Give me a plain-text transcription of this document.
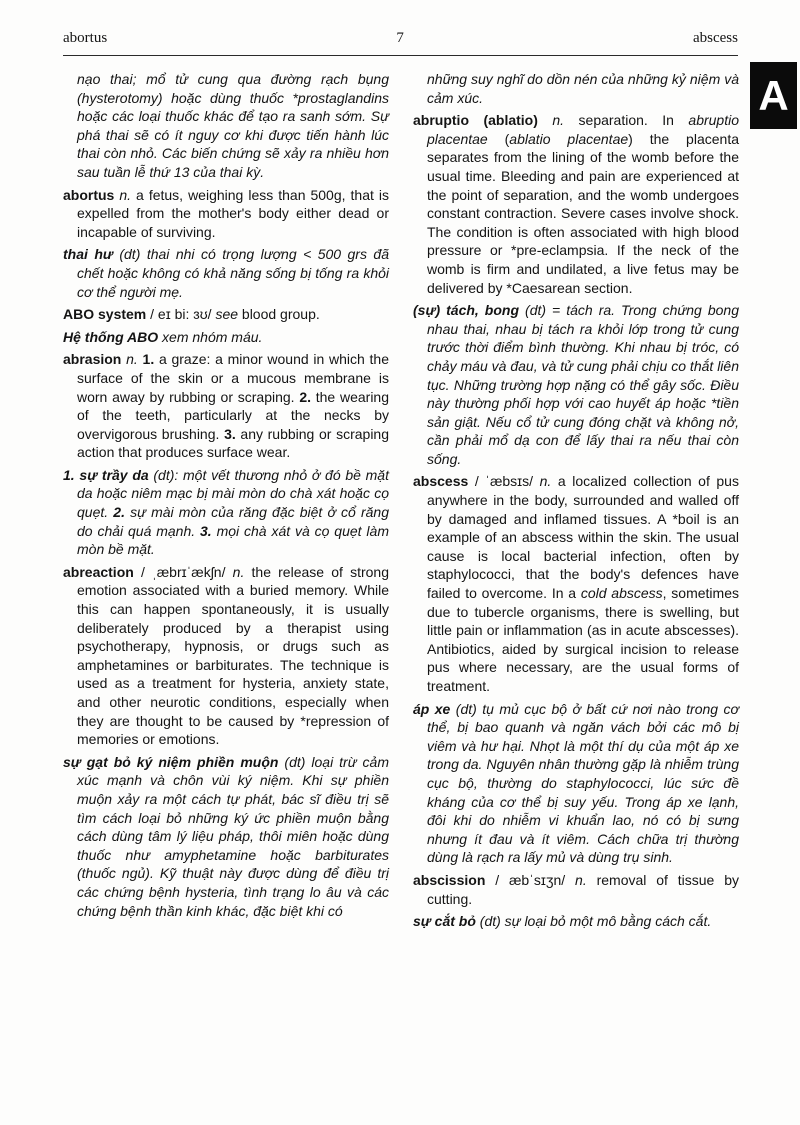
abortus	7	abscess
A

nạo thai; mổ tử cung qua đường rạch bụng (hysterotomy) hoặc dùng thuốc *prostaglandins hoặc các loại thuốc khác để tạo ra sanh sớm. Sự phá thai sẽ có ít nguy cơ khi được tiến hành lúc thai còn nhỏ. Các biến chứng sẽ xảy ra nhiều hơn sau tuần lễ thứ 13 của thai kỳ.

abortus n. a fetus, weighing less than 500g, that is expelled from the mother's body either dead or incapable of surviving.

thai hư (dt) thai nhi có trọng lượng < 500 grs đã chết hoặc không có khả năng sống bị tống ra khỏi cơ thể người mẹ.

ABO system / eɪ bi: ɜʊ/ see blood group.

Hệ thống ABO xem nhóm máu.

abrasion n. 1. a graze: a minor wound in which the surface of the skin or a mucous membrane is worn away by rubbing or scraping. 2. the wearing of the teeth, particularly at the necks by overvigorous brushing. 3. any rubbing or scraping action that produces surface wear.

1. sự trầy da (dt): một vết thương nhỏ ở đó bề mặt da hoặc niêm mạc bị mài mòn do chà xát hoặc cọ quẹt. 2. sự mài mòn của răng đặc biệt ở cổ răng do chải quá mạnh. 3. mọi chà xát và cọ quẹt làm mòn bề mặt.

abreaction / ˌæbrɪˈækʃn/ n. the release of strong emotion associated with a buried memory. While this can happen spontaneously, it is usually deliberately produced by a therapist using psychotherapy, hypnosis, or drugs such as amphetamines or barbiturates. The technique is used as a treatment for hysteria, anxiety state, and other neurotic conditions, especially when they are thought to be caused by *repression of memories or emotions.

sự gạt bỏ ký niệm phiền muộn (dt) loại trừ cảm xúc mạnh và chôn vùi ký niệm. Khi sự phiền muộn xảy ra một cách tự phát, bác sĩ điều trị sẽ tìm cách loại bỏ những ký ức phiền muộn bằng cách dùng tâm lý liệu pháp, thôi miên hoặc dùng thuốc như amyphetamine hoặc barbiturates (thuốc ngủ). Kỹ thuật này được dùng để điều trị các chứng bệnh hysteria, tình trạng lo âu và các chứng bệnh thần kinh khác, đặc biệt khi có

những suy nghĩ do dồn nén của những kỷ niệm và cảm xúc.

abruptio (ablatio) n. separation. In abruptio placentae (ablatio placentae) the placenta separates from the lining of the womb before the usual time. Bleeding and pain are experienced at the point of separation, and the womb undergoes constant contraction. Severe cases involve shock. The condition is often associated with high blood pressure or *pre-eclampsia. If the neck of the womb is firm and undilated, a live fetus may be delivered by *Caesarean section.

(sự) tách, bong (dt) = tách ra. Trong chứng bong nhau thai, nhau bị tách ra khỏi lớp trong tử cung trước thời điểm bình thường. Khi nhau bị tróc, có chảy máu và đau, và tử cung phải chịu co thắt liên tục. Những trường hợp nặng có thể gây sốc. Điều này thường phối hợp với cao huyết áp hoặc *tiền sản giật. Nếu cổ tử cung đóng chặt và không nở, cần phải mổ dạ con để lấy thai ra nếu thai còn sống.

abscess / ˈæbsɪs/ n. a localized collection of pus anywhere in the body, surrounded and walled off by damaged and inflamed tissues. A *boil is an example of an abscess within the skin. The usual cause is local bacterial infection, often by staphylococci, that the body's defences have failed to overcome. In a cold abscess, sometimes due to tubercle organisms, there is swelling, but little pain or inflammation (as in acute abscesses). Antibiotics, aided by surgical incision to release pus where necessary, are the usual forms of treatment.

áp xe (dt) tụ mủ cục bộ ở bất cứ nơi nào trong cơ thể, bị bao quanh và ngăn vách bởi các mô bị viêm và hư hại. Nhọt là một thí dụ của một áp xe trong da. Nguyên nhân thường gặp là nhiễm trùng cục bộ, thường do staphylococci, lúc sức đề kháng của cơ thể bị suy yếu. Trong áp xe lạnh, đôi khi do nhiễm vi khuẩn lao, nó có bị sưng nhưng ít đau và ít viêm. Cách chữa trị thường dùng là rạch ra lấy mủ và dùng trụ sinh.

abscission / æbˈsɪʒn/ n. removal of tissue by cutting.

sự cắt bỏ (dt) sự loại bỏ một mô bằng cách cắt.
